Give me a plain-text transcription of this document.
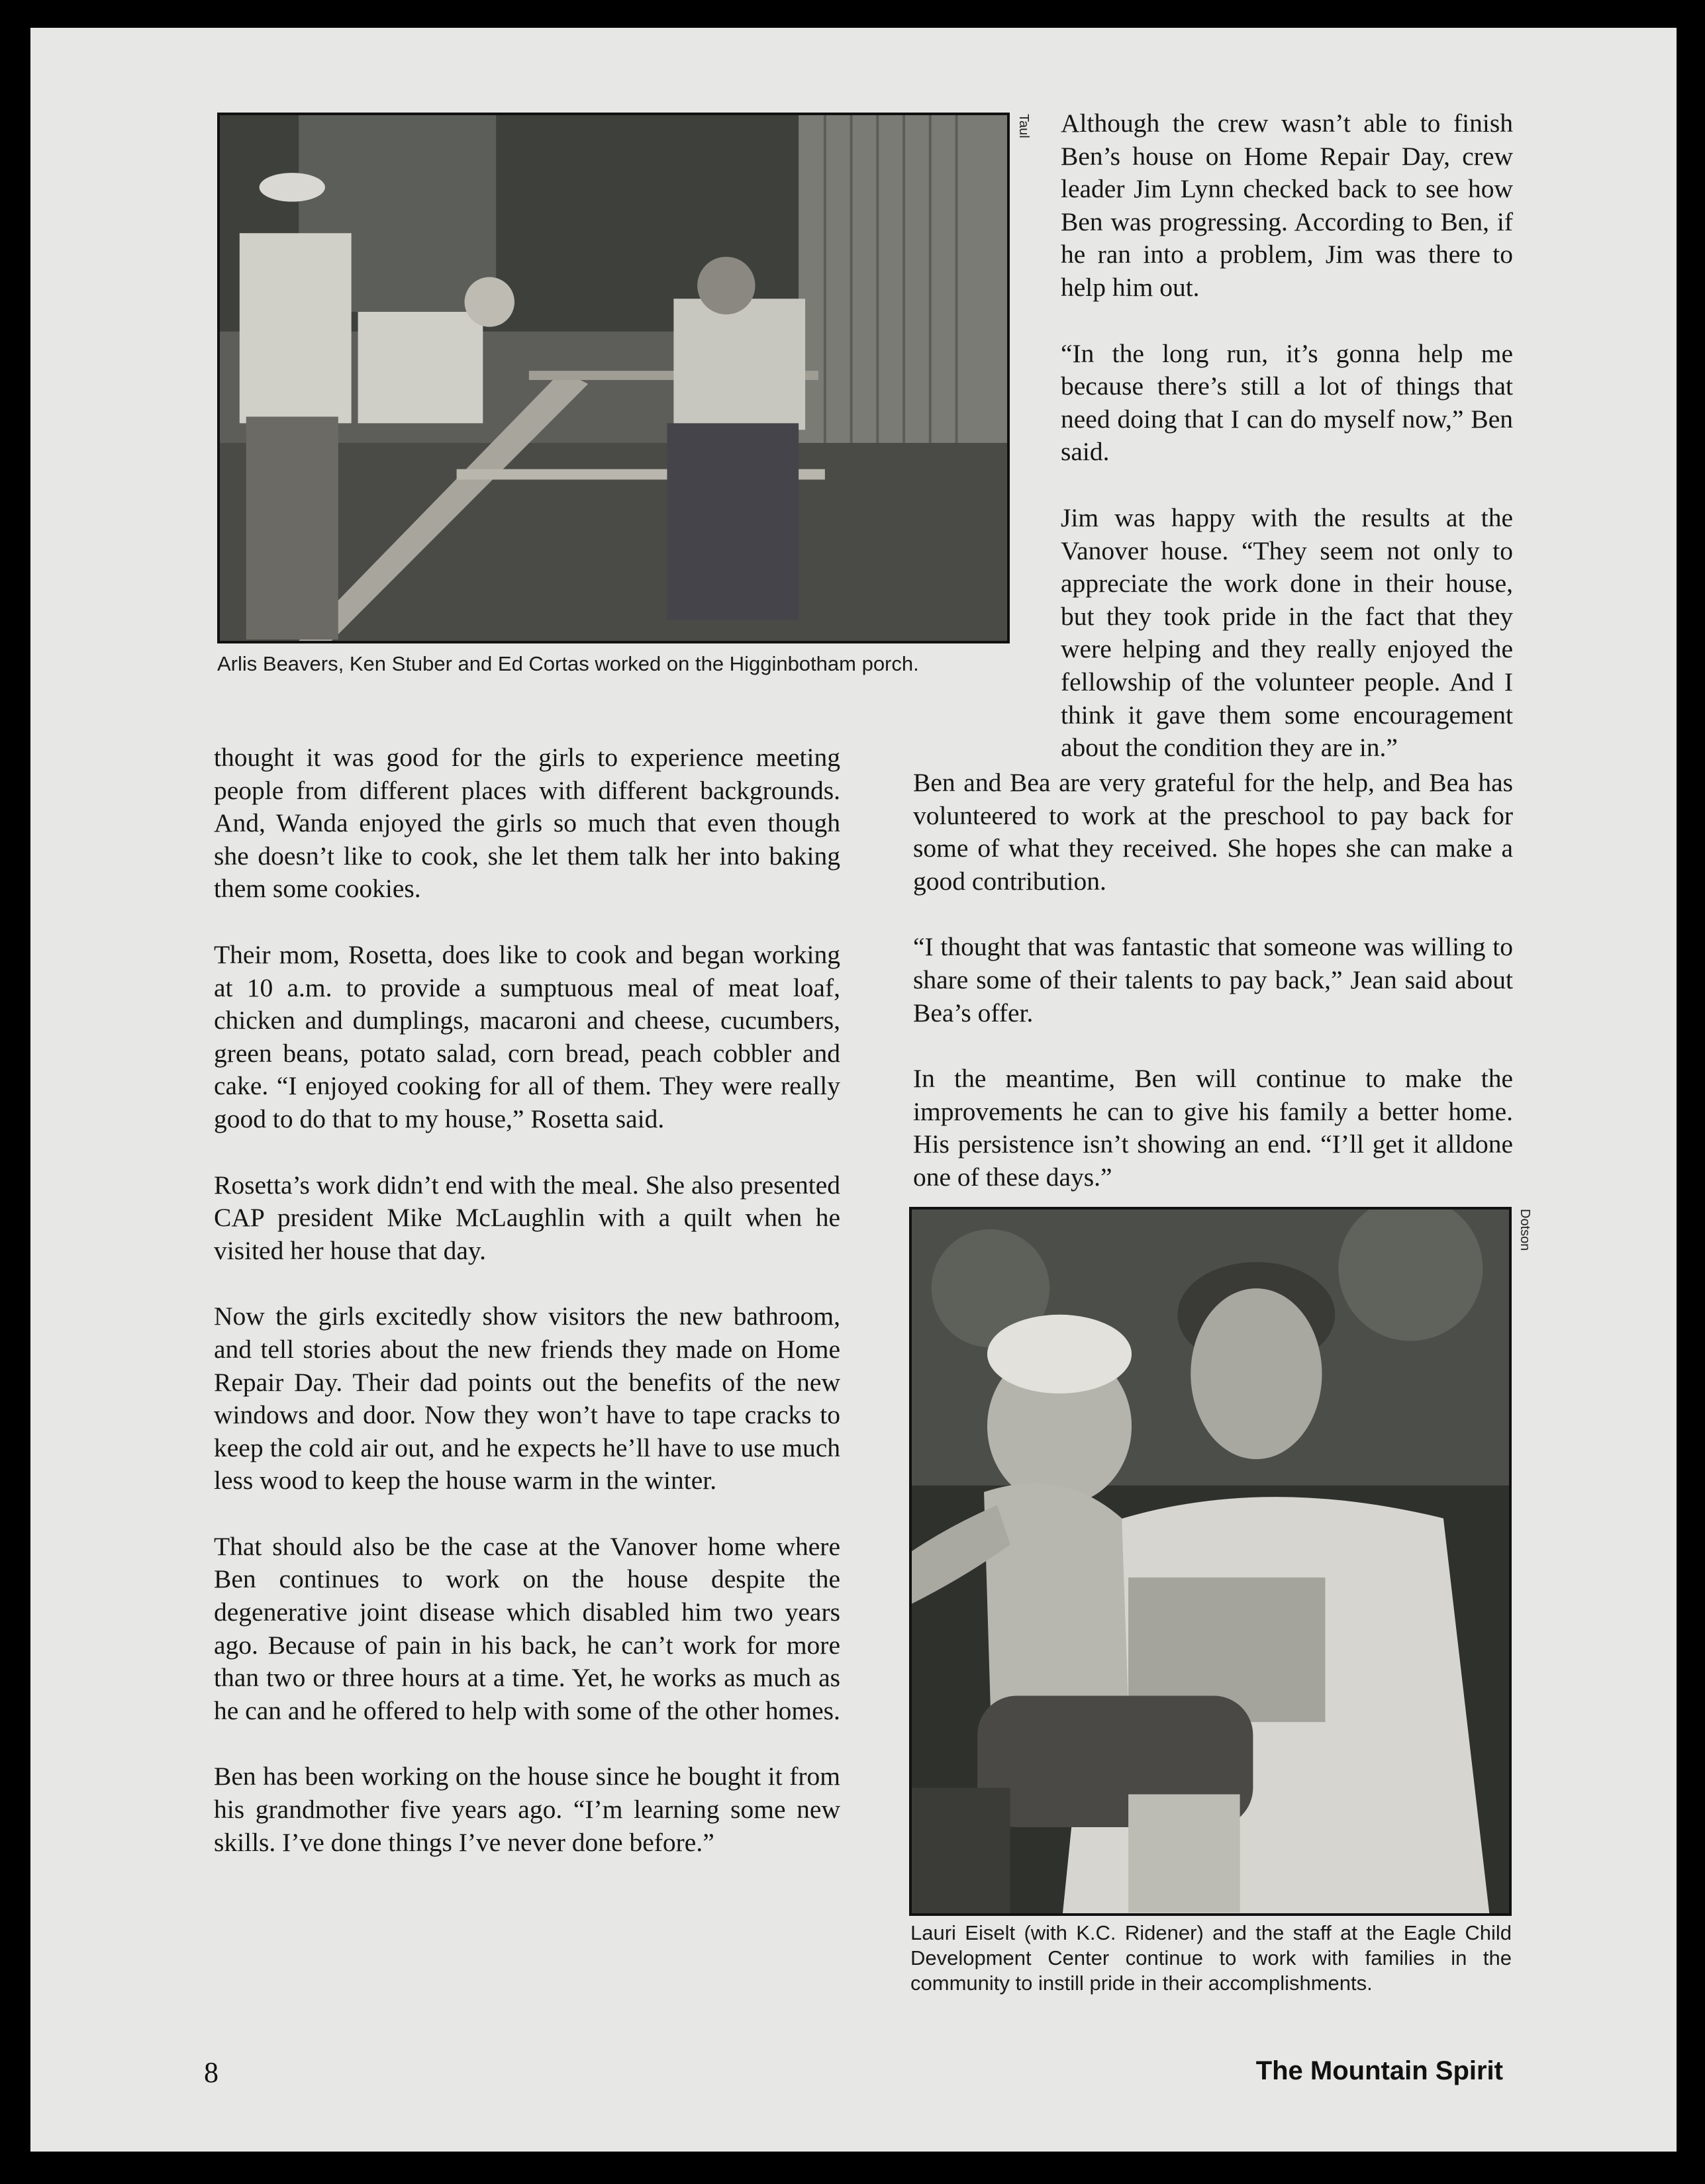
Taul

Arlis Beavers, Ken Stuber and Ed Cortas worked on the Higginbotham porch.

Although the crew wasn’t able to finish Ben’s house on Home Repair Day, crew leader Jim Lynn checked back to see how Ben was progressing. According to Ben, if he ran into a problem, Jim was there to help him out.

“In the long run, it’s gonna help me because there’s still a lot of things that need doing that I can do myself now,” Ben said.

Jim was happy with the results at the Vanover house. “They seem not only to appreciate the work done in their house, but they took pride in the fact that they were helping and they really enjoyed the fellowship of the volunteer people. And I think it gave them some encouragement about the condition they are in.”

thought it was good for the girls to experience meeting people from different places with different backgrounds. And, Wanda enjoyed the girls so much that even though she doesn’t like to cook, she let them talk her into baking them some cookies.

Their mom, Rosetta, does like to cook and began working at 10 a.m. to provide a sumptuous meal of meat loaf, chicken and dumplings, macaroni and cheese, cucumbers, green beans, potato salad, corn bread, peach cobbler and cake. “I enjoyed cooking for all of them. They were really good to do that to my house,” Rosetta said.

Rosetta’s work didn’t end with the meal. She also presented CAP president Mike McLaughlin with a quilt when he visited her house that day.

Now the girls excitedly show visitors the new bathroom, and tell stories about the new friends they made on Home Repair Day. Their dad points out the benefits of the new windows and door. Now they won’t have to tape cracks to keep the cold air out, and he expects he’ll have to use much less wood to keep the house warm in the winter.

That should also be the case at the Vanover home where Ben continues to work on the house despite the degenerative joint disease which disabled him two years ago. Because of pain in his back, he can’t work for more than two or three hours at a time. Yet, he works as much as he can and he offered to help with some of the other homes.

Ben has been working on the house since he bought it from his grandmother five years ago. “I’m learning some new skills. I’ve done things I’ve never done before.”

Ben and Bea are very grateful for the help, and Bea has volunteered to work at the preschool to pay back for some of what they received. She hopes she can make a good contribution.

“I thought that was fantastic that someone was willing to share some of their talents to pay back,” Jean said about Bea’s offer.

In the meantime, Ben will continue to make the improvements he can to give his family a better home. His persistence isn’t showing an end. “I’ll get it alldone one of these days.”

Dotson

Lauri Eiselt (with K.C. Ridener) and the staff at the Eagle Child Development Center continue to work with families in the community to instill pride in their accomplishments.

8	The Mountain Spirit
